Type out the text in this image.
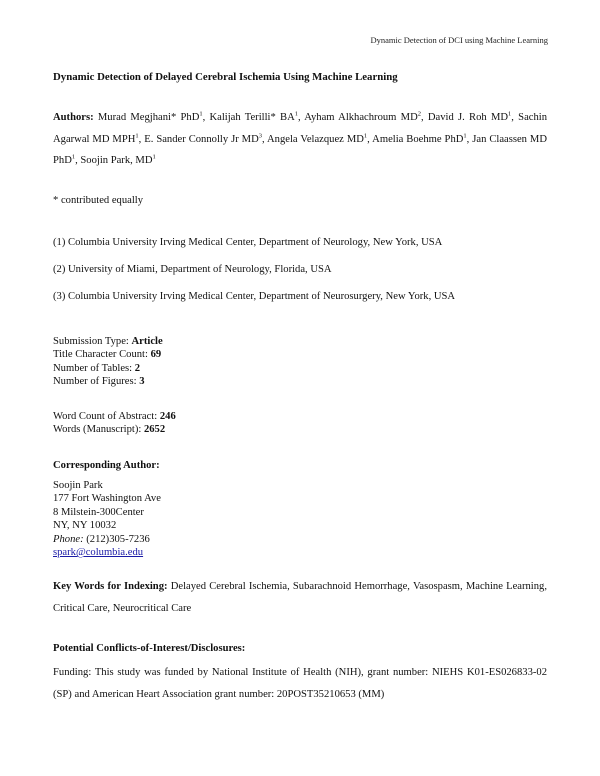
Dynamic Detection of DCI using Machine Learning
Dynamic Detection of Delayed Cerebral Ischemia Using Machine Learning
Authors: Murad Megjhani* PhD$^1$, Kalijah Terilli* $BA^1$, Ayham Alkhachroum $MD^2$, David J. Roh $MD^1$, Sachin Agarwal MD MPH$^1$, E. Sander Connolly Jr $MD^3$, Angela Velazquez $MD^1$, Amelia Boehme PhD$^1$, Jan Claassen MD PhD$^1$, Soojin Park, $MD^1$
* contributed equally
(1) Columbia University Irving Medical Center, Department of Neurology, New York, USA
(2) University of Miami, Department of Neurology, Florida, USA
(3) Columbia University Irving Medical Center, Department of Neurosurgery, New York, USA
Submission Type: Article
Title Character Count: 69
Number of Tables: 2
Number of Figures: 3
Word Count of Abstract: 246
Words (Manuscript): 2652
Corresponding Author:
Soojin Park
177 Fort Washington Ave
8 Milstein-300Center
NY, NY 10032
Phone: (212)305-7236
spark@columbia.edu
Key Words for Indexing: Delayed Cerebral Ischemia, Subarachnoid Hemorrhage, Vasospasm, Machine Learning, Critical Care, Neurocritical Care
Potential Conflicts-of-Interest/Disclosures:
Funding: This study was funded by National Institute of Health (NIH), grant number: NIEHS K01-ES026833-02 (SP) and American Heart Association grant number: 20POST35210653 (MM)
